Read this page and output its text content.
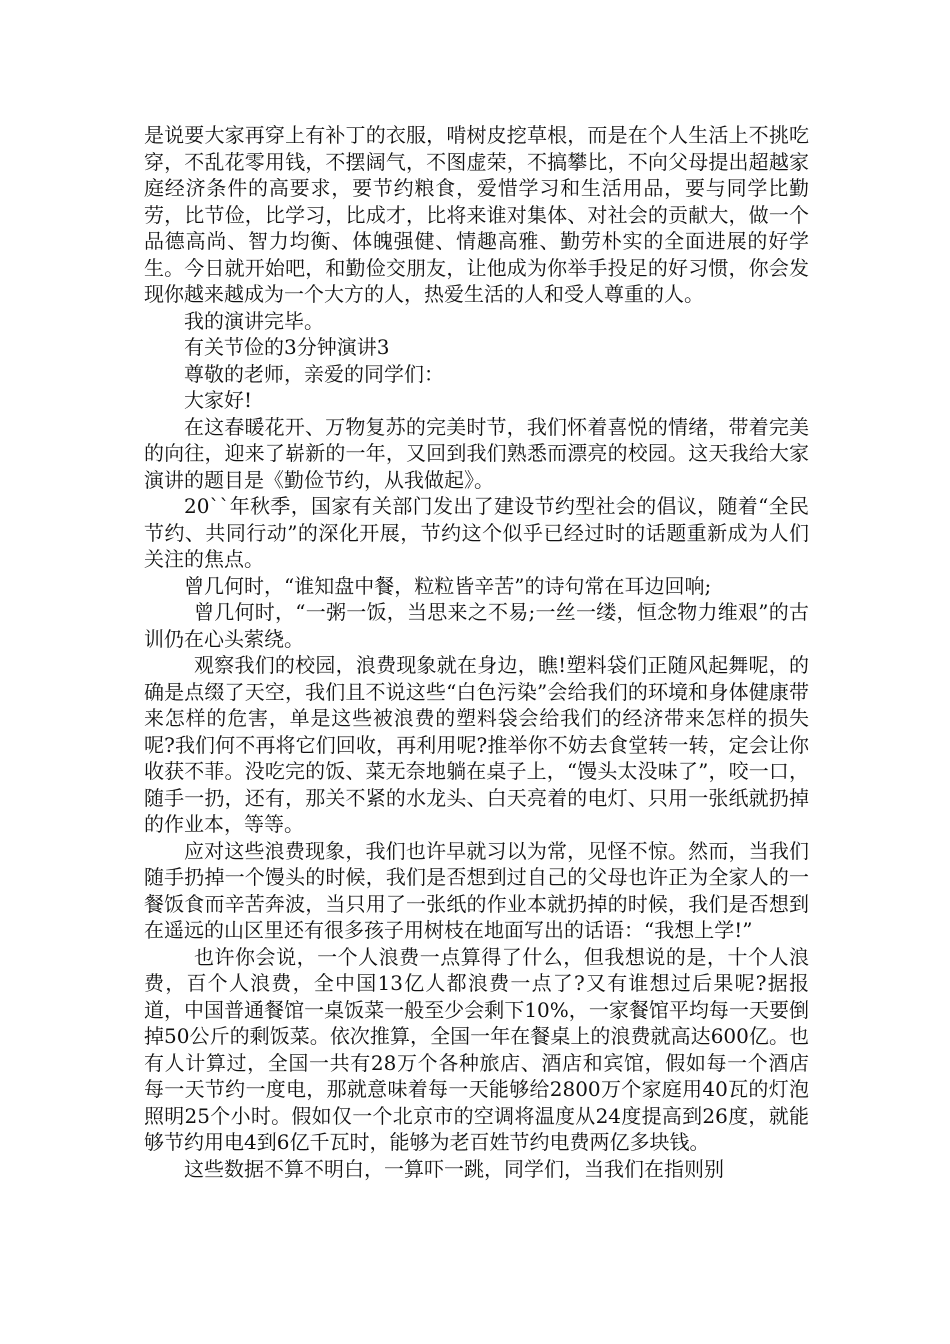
是说要大家再穿上有补丁的衣服，啃树皮挖草根，而是在个人生活上不挑吃穿，不乱花零用钱，不摆阔气，不图虚荣，不搞攀比，不向父母提出超越家庭经济条件的高要求，要节约粮食，爱惜学习和生活用品，要与同学比勤劳，比节俭，比学习，比成才，比将来谁对集体、对社会的贡献大，做一个品德高尚、智力均衡、体魄强健、情趣高雅、勤劳朴实的全面进展的好学生。今日就开始吧，和勤俭交朋友，让他成为你举手投足的好习惯，你会发现你越来越成为一个大方的人，热爱生活的人和受人尊重的人。

我的演讲完毕。

有关节俭的3分钟演讲3

尊敬的老师，亲爱的同学们：

大家好!

在这春暖花开、万物复苏的完美时节，我们怀着喜悦的情绪，带着完美的向往，迎来了崭新的一年，又回到我们熟悉而漂亮的校园。这天我给大家演讲的题目是《勤俭节约，从我做起》。

20``年秋季，国家有关部门发出了建设节约型社会的倡议，随着“全民节约、共同行动”的深化开展，节约这个似乎已经过时的话题重新成为人们关注的焦点。

曾几何时，“谁知盘中餐，粒粒皆辛苦”的诗句常在耳边回响;

曾几何时，“一粥一饭，当思来之不易;一丝一缕，恒念物力维艰”的古训仍在心头萦绕。

观察我们的校园，浪费现象就在身边，瞧!塑料袋们正随风起舞呢，的确是点缀了天空，我们且不说这些“白色污染”会给我们的环境和身体健康带来怎样的危害，单是这些被浪费的塑料袋会给我们的经济带来怎样的损失呢?我们何不再将它们回收，再利用呢?推举你不妨去食堂转一转，定会让你收获不菲。没吃完的饭、菜无奈地躺在桌子上，“馒头太没味了”，咬一口，随手一扔，还有，那关不紧的水龙头、白天亮着的电灯、只用一张纸就扔掉的作业本，等等。

应对这些浪费现象，我们也许早就习以为常，见怪不惊。然而，当我们随手扔掉一个馒头的时候，我们是否想到过自己的父母也许正为全家人的一餐饭食而辛苦奔波，当只用了一张纸的作业本就扔掉的时候，我们是否想到在遥远的山区里还有很多孩子用树枝在地面写出的话语：“我想上学!”

也许你会说，一个人浪费一点算得了什么，但我想说的是，十个人浪费，百个人浪费，全中国13亿人都浪费一点了?又有谁想过后果呢?据报道，中国普通餐馆一桌饭菜一般至少会剩下10%，一家餐馆平均每一天要倒掉50公斤的剩饭菜。依次推算，全国一年在餐桌上的浪费就高达600亿。也有人计算过，全国一共有28万个各种旅店、酒店和宾馆，假如每一个酒店每一天节约一度电，那就意味着每一天能够给2800万个家庭用40瓦的灯泡照明25个小时。假如仅一个北京市的空调将温度从24度提高到26度，就能够节约用电4到6亿千瓦时，能够为老百姓节约电费两亿多块钱。

这些数据不算不明白，一算吓一跳，同学们，当我们在指则别
